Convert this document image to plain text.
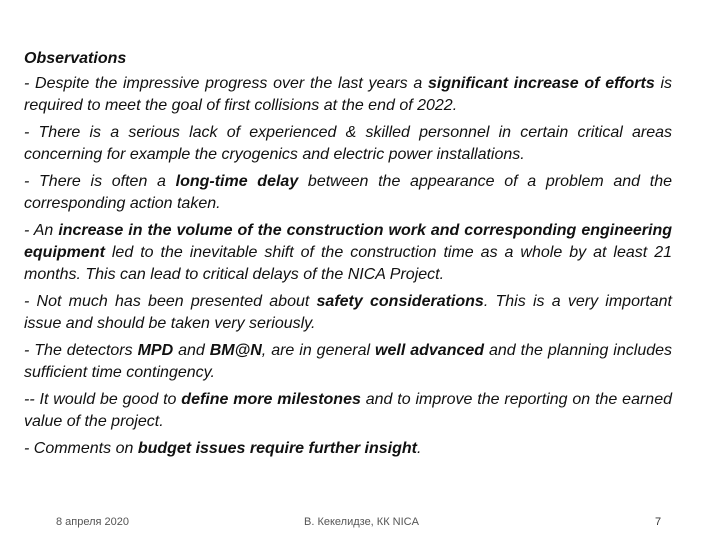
Observations

- Despite the impressive progress over the last years a significant increase of efforts is required to meet the goal of first collisions at the end of 2022.

- There is a serious lack of experienced & skilled personnel in certain critical areas concerning for example the cryogenics and electric power installations.

- There is often a long-time delay between the appearance of a problem and the corresponding action taken.

- An increase in the volume of the construction work and corresponding engineering equipment led to the inevitable shift of the construction time as a whole by at least 21 months. This can lead to critical delays of the NICA Project.

- Not much has been presented about safety considerations. This is a very important issue and should be taken very seriously.

- The detectors MPD and BM@N, are in general well advanced and the planning includes sufficient time contingency.

-- It would be good to define more milestones and to improve the reporting on the earned value of the project.

- Comments on budget issues require further insight.

8 апреля 2020	В. Кекелидзе, КК NICA	7
